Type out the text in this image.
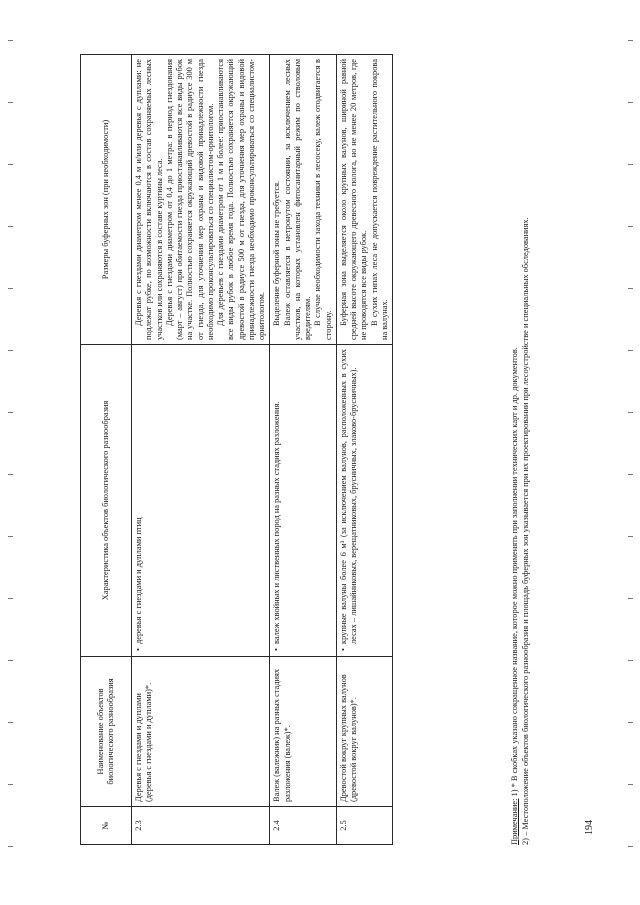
№	Наименование объектов биологического разнообразия	Характеристика объектов биологического разнообразия	Размеры буферных зон (при необходимости)
2.3	Деревья с гнездами и дуплами (деревья с гнездами и дуплами)*.	• деревья с гнездами и дуплами птиц	Деревья с гнездами диаметром менее 0,4 м и/или деревья с дуплами: не подлежат рубке, по возможности включаются в состав сохраняемых лесных участков или сохраняются в составе куртины леса. Деревья с гнездами диаметром от 0,4 до 1 метра: в период гнездования (март – август) при обитаемости гнезда приостанавливаются все виды рубок на участке. Полностью сохраняется окружающий древостой в радиусе 300 м от гнезда, для уточнения мер охраны и видовой принадлежности гнезда необходимо проконсультироваться со специалистом-орнитологом. Для деревьев с гнездами диаметром от 1 м и более: приостанавливаются все виды рубок в любое время года. Полностью сохраняется окружающий древостой в радиусе 500 м от гнезда, для уточнения мер охраны и видовой принадлежности гнезда необходимо проконсультироваться со специалистом-орнитологом.

2.4	Валеж (валежник) на разных стадиях разложения (валеж)*.	• валеж хвойных и лиственных пород на разных стадиях разложения.	Выделение буферной зоны не требуется. Валеж оставляется в нетронутом состоянии, за исключением лесных участков, на которых установлен фитосанитарный режим по стволовым вредителям. В случае необходимости захода техники в лесосеку, валеж отодвигается в сторону.

2.5	Древостой вокруг крупных валунов (древостой вокруг валунов)*.	• крупные валуны более 6 м³ (за исключением валунов, расположенных в сухих лесах – лишайниковых, верещатниковых, брусничных, злаково-брусничных).	Буферная зона выделяется около крупных валунов, шириной равной средней высоте окружающего древесного полога, но не менее 20 метров, где не проводятся все виды рубок. В сухих типах леса не допускается повреждение растительного покрова на валунах.

Примечание: 1) * В скобках указано сокращенное название, которое можно применять при заполнении технических карт и др. документов. 2) – Местоположение объектов биологического разнообразия и площадь буферных зон указывается при их проектировании при лесоустройстве и специальных обследованиях.	194
